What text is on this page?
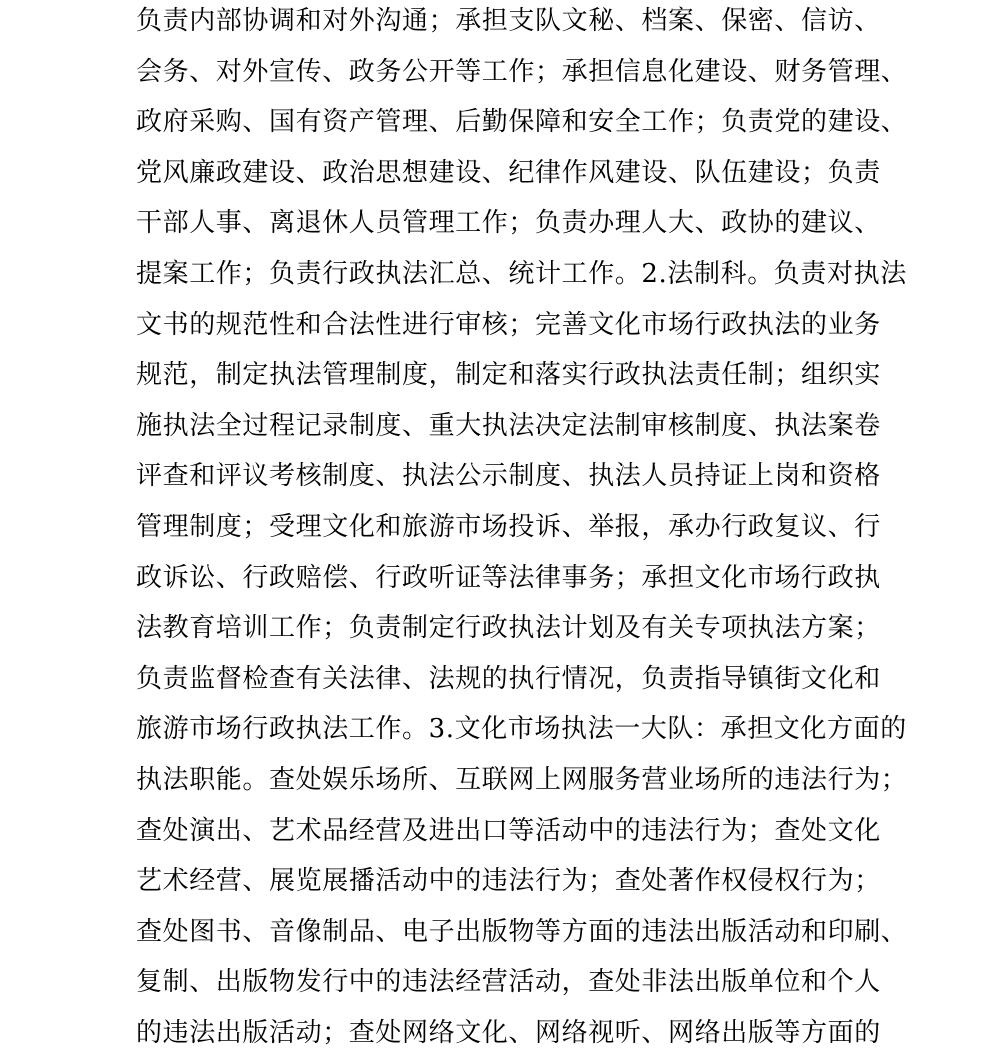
负责内部协调和对外沟通；承担支队文秘、档案、保密、信访、

会务、对外宣传、政务公开等工作；承担信息化建设、财务管理、

政府采购、国有资产管理、后勤保障和安全工作；负责党的建设、

党风廉政建设、政治思想建设、纪律作风建设、队伍建设；负责

干部人事、离退休人员管理工作；负责办理人大、政协的建议、

提案工作；负责行政执法汇总、统计工作。2.法制科。负责对执法

文书的规范性和合法性进行审核；完善文化市场行政执法的业务

规范，制定执法管理制度，制定和落实行政执法责任制；组织实

施执法全过程记录制度、重大执法决定法制审核制度、执法案卷

评查和评议考核制度、执法公示制度、执法人员持证上岗和资格

管理制度；受理文化和旅游市场投诉、举报，承办行政复议、行

政诉讼、行政赔偿、行政听证等法律事务；承担文化市场行政执

法教育培训工作；负责制定行政执法计划及有关专项执法方案；

负责监督检查有关法律、法规的执行情况，负责指导镇街文化和

旅游市场行政执法工作。3.文化市场执法一大队：承担文化方面的

执法职能。查处娱乐场所、互联网上网服务营业场所的违法行为；

查处演出、艺术品经营及进出口等活动中的违法行为；查处文化

艺术经营、展览展播活动中的违法行为；查处著作权侵权行为；

查处图书、音像制品、电子出版物等方面的违法出版活动和印刷、

复制、出版物发行中的违法经营活动，查处非法出版单位和个人

的违法出版活动；查处网络文化、网络视听、网络出版等方面的
